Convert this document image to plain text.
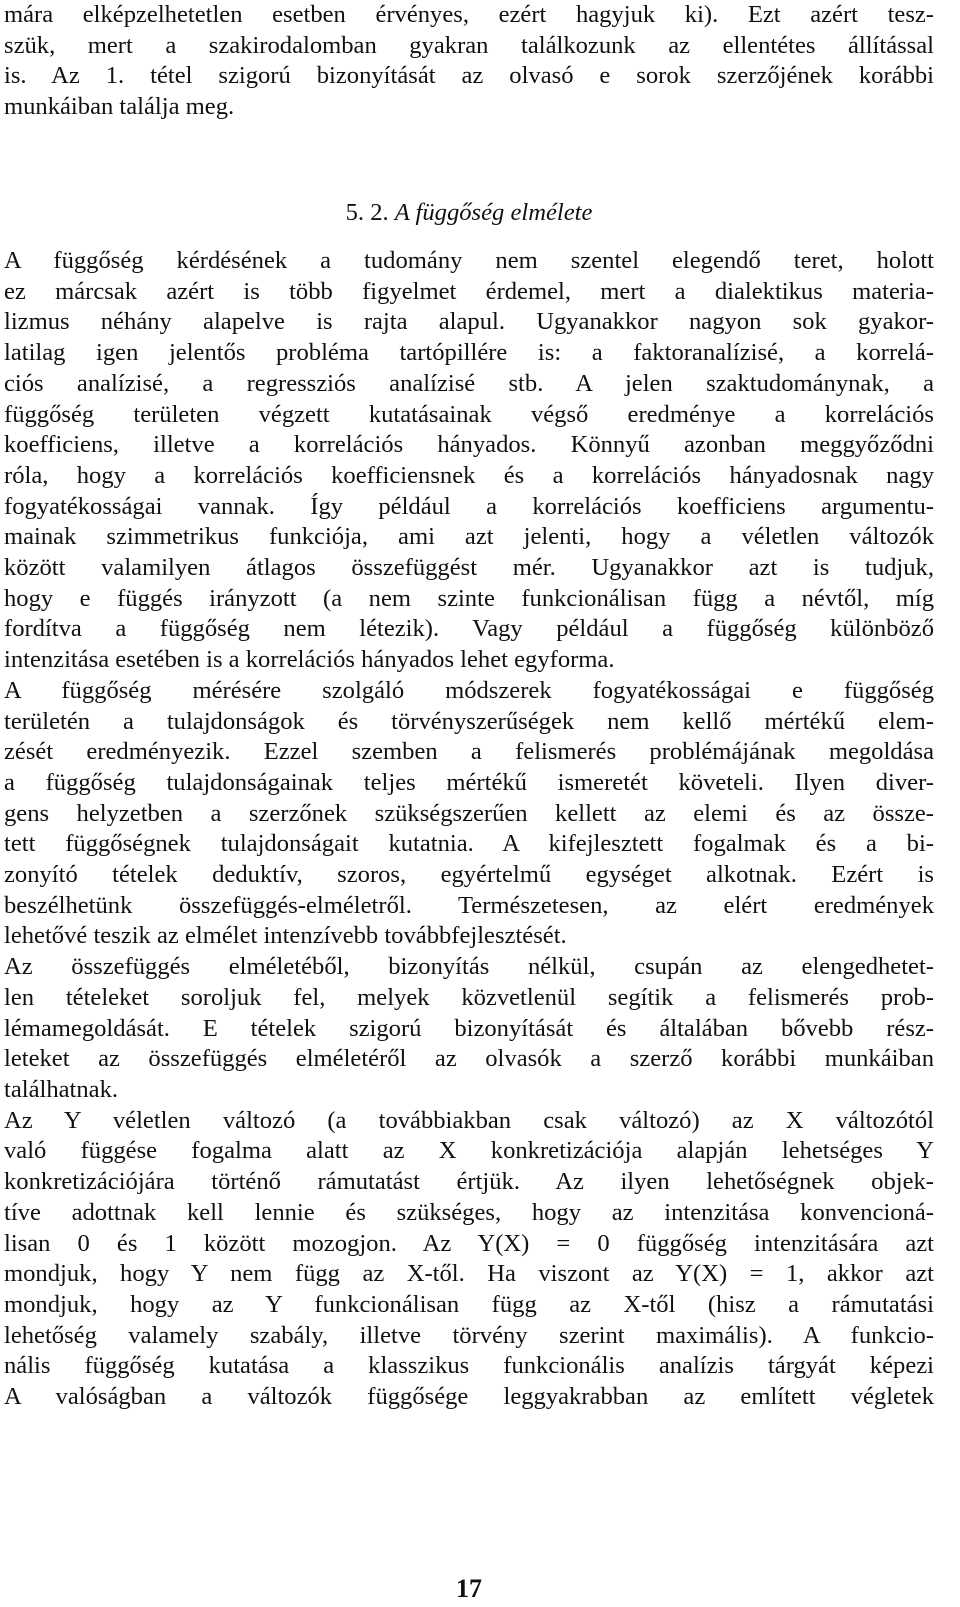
mára elképzelhetetlen esetben érvényes, ezért hagyjuk ki). Ezt azért tesz-
szük, mert a szakirodalomban gyakran találkozunk az ellentétes állítással
is. Az 1. tétel szigorú bizonyítását az olvasó e sorok szerzőjének korábbi
munkáiban találja meg.
5. 2. A függőség elmélete
A függőség kérdésének a tudomány nem szentel elegendő teret, holott
ez márcsak azért is több figyelmet érdemel, mert a dialektikus materia-
lizmus néhány alapelve is rajta alapul. Ugyanakkor nagyon sok gyakor-
latilag igen jelentős probléma tartópillére is: a faktoranalízisé, a korrelá-
ciós analízisé, a regressziós analízisé stb. A jelen szaktudománynak, a
függőség területen végzett kutatásainak végső eredménye a korrelációs
koefficiens, illetve a korrelációs hányados. Könnyű azonban meggyőződni
róla, hogy a korrelációs koefficiensnek és a korrelációs hányadosnak nagy
fogyatékosságai vannak. Így például a korrelációs koefficiens argumentu-
mainak szimmetrikus funkciója, ami azt jelenti, hogy a véletlen változók
között valamilyen átlagos összefüggést mér. Ugyanakkor azt is tudjuk,
hogy e függés irányzott (a nem szinte funkcionálisan függ a névtől, míg
fordítva a függőség nem létezik). Vagy például a függőség különböző
intenzitása esetében is a korrelációs hányados lehet egyforma.
A függőség mérésére szolgáló módszerek fogyatékosságai e függőség
területén a tulajdonságok és törvényszerűségek nem kellő mértékű elem-
zését eredményezik. Ezzel szemben a felismerés problémájának megoldása
a függőség tulajdonságainak teljes mértékű ismeretét követeli. Ilyen diver-
gens helyzetben a szerzőnek szükségszerűen kellett az elemi és az össze-
tett függőségnek tulajdonságait kutatnia. A kifejlesztett fogalmak és a bi-
zonyító tételek deduktív, szoros, egyértelmű egységet alkotnak. Ezért is
beszélhetünk összefüggés-elméletről. Természetesen, az elért eredmények
lehetővé teszik az elmélet intenzívebb továbbfejlesztését.
Az összefüggés elméletéből, bizonyítás nélkül, csupán az elengedhetet-
len tételeket soroljuk fel, melyek közvetlenül segítik a felismerés prob-
lémamegoldását. E tételek szigorú bizonyítását és általában bővebb rész-
leteket az összefüggés elméletéről az olvasók a szerző korábbi munkáiban
találhatnak.
Az Y véletlen változó (a továbbiakban csak változó) az X változótól
való függése fogalma alatt az X konkretizációja alapján lehetséges Y
konkretizációjára történő rámutatást értjük. Az ilyen lehetőségnek objek-
tíve adottnak kell lennie és szükséges, hogy az intenzitása konvencioná-
lisan 0 és 1 között mozogjon. Az Y(X) = 0 függőség intenzitására azt
mondjuk, hogy Y nem függ az X-től. Ha viszont az Y(X) = 1, akkor azt
mondjuk, hogy az Y funkcionálisan függ az X-től (hisz a rámutatási
lehetőség valamely szabály, illetve törvény szerint maximális). A funkcio-
nális függőség kutatása a klasszikus funkcionális analízis tárgyát képezi
A valóságban a változók függősége leggyakrabban az említett végletek
17
